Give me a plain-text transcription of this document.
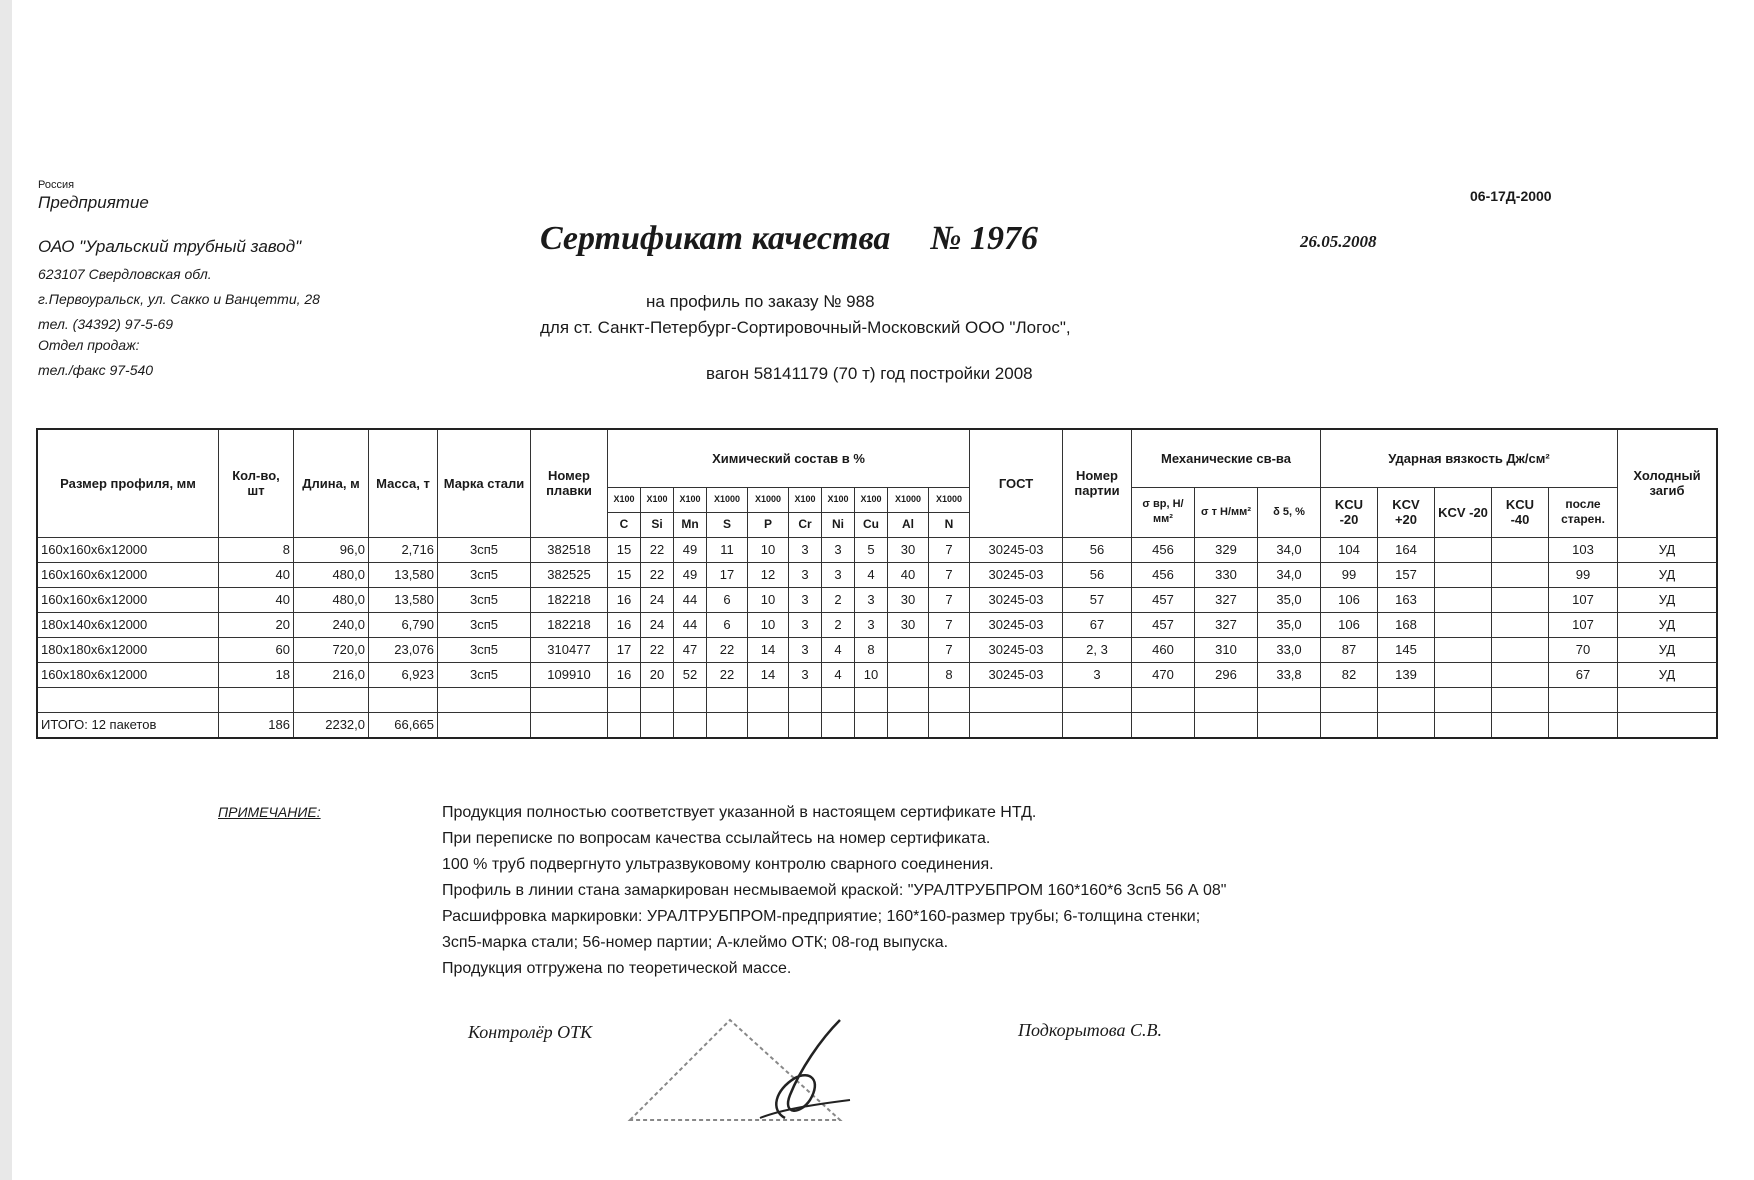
Россия
Предприятие
ОАО "Уральский трубный завод"
623107 Свердловская обл.
г.Первоуральск, ул. Сакко и Ванцетти, 28
тел. (34392) 97-5-69
Отдел продаж:
тел./факс 97-540
06-17Д-2000
Сертификат качества № 1976	26.05.2008
на профиль по заказу № 988
для ст. Санкт-Петербург-Сортировочный-Московский ООО "Логос",
вагон 58141179 (70 т) год постройки 2008
Размер профиля, мм	Кол-во, шт	Длина, м	Масса, т	Марка стали	Номер плавки	Химический состав в %										ГОСТ	Номер партии	Механические св-ва			Ударная вязкость Дж/см²					Холодный загиб
						Х100	Х100	Х100	Х1000	Х1000	Х100	Х100	Х100	Х1000	Х1000			σ вр, Н/мм²	σ т Н/мм²	δ 5, %	KCU -20	KCV +20	KCV -20	KCU -40	после старен.	
						C	Si	Mn	S	P	Cr	Ni	Cu	Al	N											
160х160х6х12000	8	96,0	2,716	3сп5	382518	15	22	49	11	10	3	3	5	30	7	30245-03	56	456	329	34,0	104	164			103	УД
160х160х6х12000	40	480,0	13,580	3сп5	382525	15	22	49	17	12	3	3	4	40	7	30245-03	56	456	330	34,0	99	157			99	УД
160х160х6х12000	40	480,0	13,580	3сп5	182218	16	24	44	6	10	3	2	3	30	7	30245-03	57	457	327	35,0	106	163			107	УД
180х140х6х12000	20	240,0	6,790	3сп5	182218	16	24	44	6	10	3	2	3	30	7	30245-03	67	457	327	35,0	106	168			107	УД
180х180х6х12000	60	720,0	23,076	3сп5	310477	17	22	47	22	14	3	4	8		7	30245-03	2, 3	460	310	33,0	87	145			70	УД
160х180х6х12000	18	216,0	6,923	3сп5	109910	16	20	52	22	14	3	4	10		8	30245-03	3	470	296	33,8	82	139			67	УД

ИТОГО: 12 пакетов	186	2232,0	66,665																							
ПРИМЕЧАНИЕ:	Продукция полностью соответствует указанной в настоящем сертификате НТД.
При переписке по вопросам качества ссылайтесь на номер сертификата.
100 % труб подвергнуто ультразвуковому контролю сварного соединения.
Профиль в линии стана замаркирован несмываемой краской: "УРАЛТРУБПРОМ 160*160*6 3сп5 56 А 08"
Расшифровка маркировки: УРАЛТРУБПРОМ-предприятие; 160*160-размер трубы; 6-толщина стенки;
3сп5-марка стали; 56-номер партии; А-клеймо ОТК; 08-год выпуска.
Продукция отгружена по теоретической массе.
Контролёр ОТК	Подкорытова С.В.
